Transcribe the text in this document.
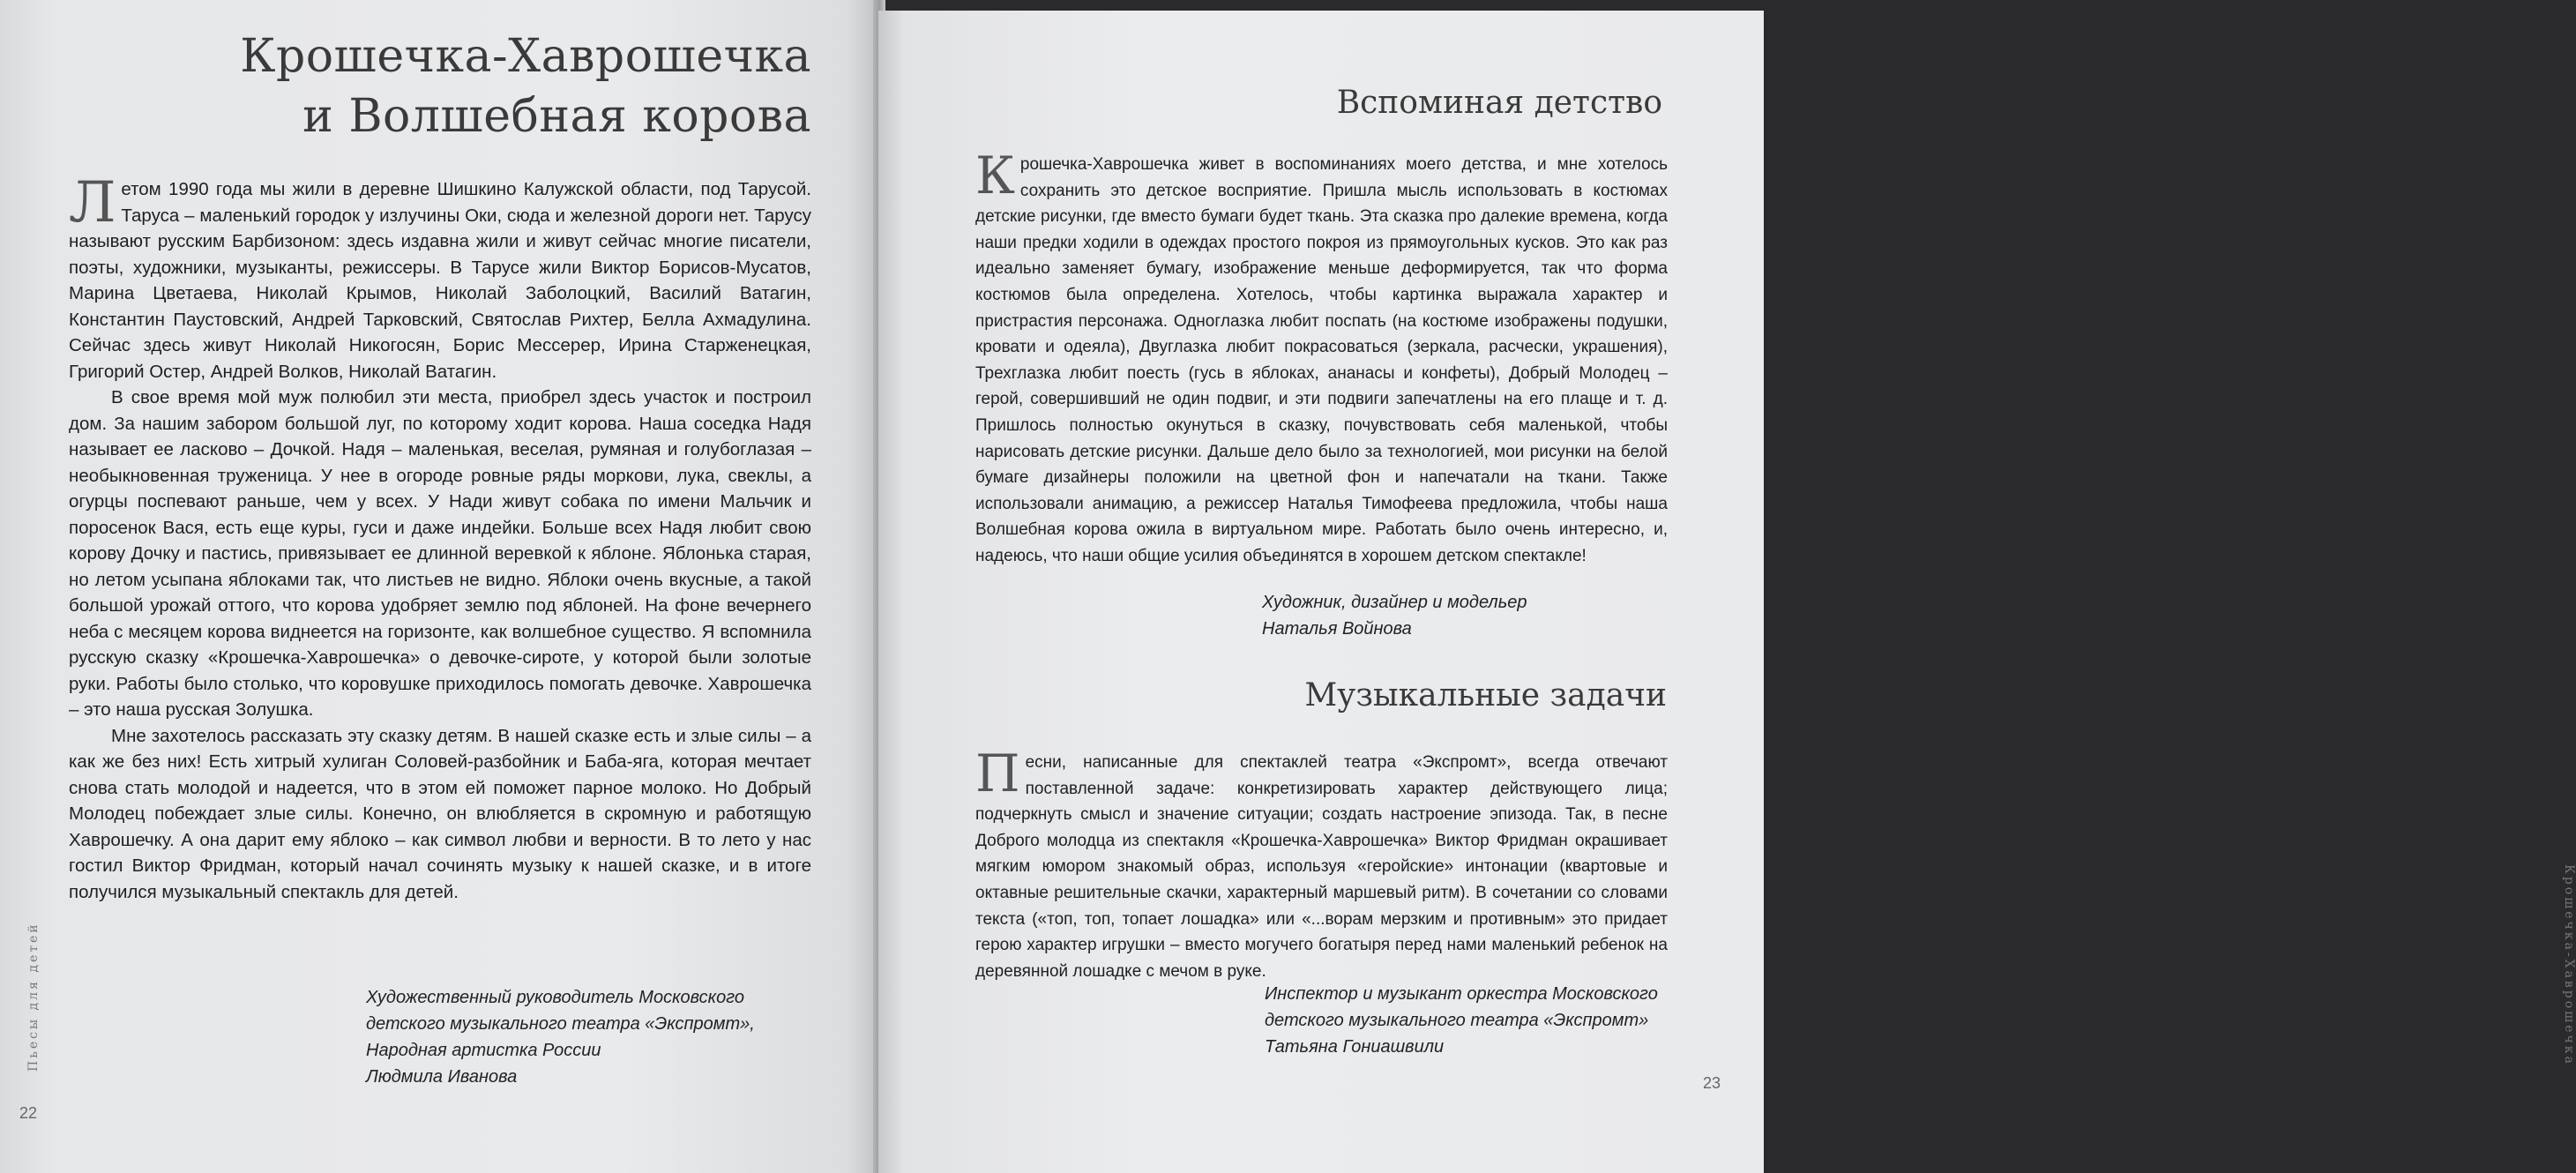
Крошечка-Хаврошечка
и Волшебная корова

Летом 1990 года мы жили в деревне Шишкино Калужской области, под Тарусой. Таруса – маленький городок у излучины Оки, сюда и железной дороги нет. Тарусу называют русским Барбизоном: здесь издавна жили и живут сейчас многие писатели, поэты, художники, музыканты, режиссеры. В Тарусе жили Виктор Борисов-Мусатов, Марина Цветаева, Николай Крымов, Николай Заболоцкий, Василий Ватагин, Константин Паустовский, Андрей Тарковский, Святослав Рихтер, Белла Ахмадулина. Сейчас здесь живут Николай Никогосян, Борис Мессерер, Ирина Старженецкая, Григорий Остер, Андрей Волков, Николай Ватагин.

В свое время мой муж полюбил эти места, приобрел здесь участок и построил дом. За нашим забором большой луг, по которому ходит корова. Наша соседка Надя называет ее ласково – Дочкой. Надя – маленькая, веселая, румяная и голубоглазая – необыкновенная труженица. У нее в огороде ровные ряды моркови, лука, свеклы, а огурцы поспевают раньше, чем у всех. У Нади живут собака по имени Мальчик и поросенок Вася, есть еще куры, гуси и даже индейки. Больше всех Надя любит свою корову Дочку и пастись, привязывает ее длинной веревкой к яблоне. Яблонька старая, но летом усыпана яблоками так, что листьев не видно. Яблоки очень вкусные, а такой большой урожай оттого, что корова удобряет землю под яблоней. На фоне вечернего неба с месяцем корова виднеется на горизонте, как волшебное существо. Я вспомнила русскую сказку «Крошечка-Хаврошечка» о девочке-сироте, у которой были золотые руки. Работы было столько, что коровушке приходилось помогать девочке. Хаврошечка – это наша русская Золушка.

Мне захотелось рассказать эту сказку детям. В нашей сказке есть и злые силы – а как же без них! Есть хитрый хулиган Соловей-разбойник и Баба-яга, которая мечтает снова стать молодой и надеется, что в этом ей поможет парное молоко. Но Добрый Молодец побеждает злые силы. Конечно, он влюбляется в скромную и работящую Хаврошечку. А она дарит ему яблоко – как символ любви и верности. В то лето у нас гостил Виктор Фридман, который начал сочинять музыку к нашей сказке, и в итоге получился музыкальный спектакль для детей.

Художественный руководитель Московского
детского музыкального театра «Экспромт»,
Народная артистка России
Людмила Иванова
Пьесы для детей
22
Вспоминая детство
Крошечка-Хаврошечка живет в воспоминаниях моего детства, и мне хотелось сохранить это детское восприятие. Пришла мысль использовать в костюмах детские рисунки, где вместо бумаги будет ткань. Эта сказка про далекие времена, когда наши предки ходили в одеждах простого покроя из прямоугольных кусков. Это как раз идеально заменяет бумагу, изображение меньше деформируется, так что форма костюмов была определена. Хотелось, чтобы картинка выражала характер и пристрастия персонажа. Одноглазка любит поспать (на костюме изображены подушки, кровати и одеяла), Двуглазка любит покрасоваться (зеркала, расчески, украшения), Трехглазка любит поесть (гусь в яблоках, ананасы и конфеты), Добрый Молодец – герой, совершивший не один подвиг, и эти подвиги запечатлены на его плаще и т. д. Пришлось полностью окунуться в сказку, почувствовать себя маленькой, чтобы нарисовать детские рисунки. Дальше дело было за технологией, мои рисунки на белой бумаге дизайнеры положили на цветной фон и напечатали на ткани. Также использовали анимацию, а режиссер Наталья Тимофеева предложила, чтобы наша Волшебная корова ожила в виртуальном мире. Работать было очень интересно, и, надеюсь, что наши общие усилия объединятся в хорошем детском спектакле!
Художник, дизайнер и модельер
Наталья Войнова
Музыкальные задачи
Песни, написанные для спектаклей театра «Экспромт», всегда отвечают поставленной задаче: конкретизировать характер действующего лица; подчеркнуть смысл и значение ситуации; создать настроение эпизода. Так, в песне Доброго молодца из спектакля «Крошечка-Хаврошечка» Виктор Фридман окрашивает мягким юмором знакомый образ, используя «геройские» интонации (квартовые и октавные решительные скачки, характерный маршевый ритм). В сочетании со словами текста («топ, топ, топает лошадка» или «...ворам мерзким и противным» это придает герою характер игрушки – вместо могучего богатыря перед нами маленький ребенок на деревянной лошадке с мечом в руке.
Инспектор и музыкант оркестра Московского
детского музыкального театра «Экспромт»
Татьяна Гониашвили	Крошечка-Хаврошечка
23
